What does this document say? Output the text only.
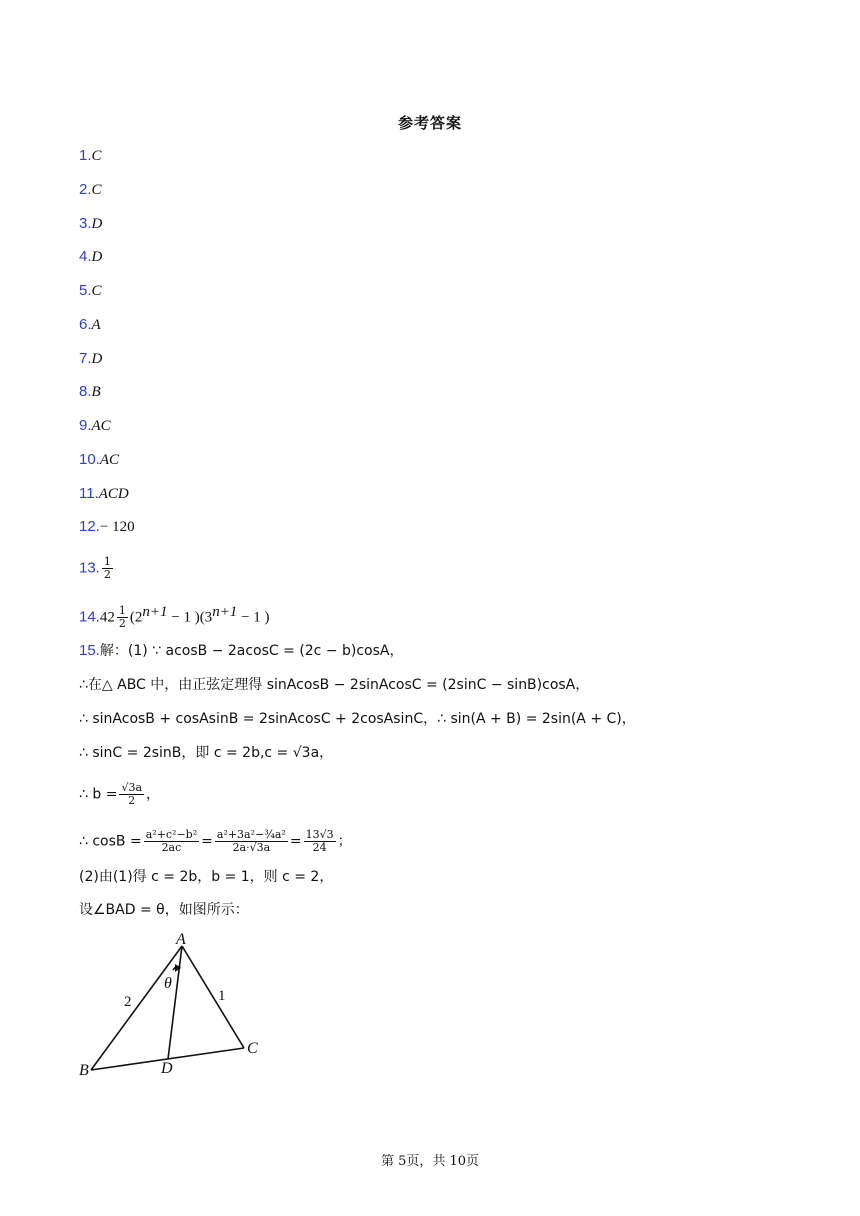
参考答案
1.C
2.C
3.D
4.D
5.C
6.A
7.D
8.B
9.AC
10.AC
11.ACD
12.− 120
13. $\frac{1}{2}$
$14.42 \frac{1}{2} (2^{n+1} - 1$ )($3^{n+1} - 1$ )
15.解：(1) ∵ acosB − 2acosC = (2c − b)cosA，
∴在△ ABC 中，由正弦定理得 sinAcosB − 2sinAcosC = (2sinC − sinB)cosA，
∴ sinAcosB + cosAsinB = 2sinAcosC + 2cosAsinC，∴ sin(A + B) = 2sin(A + C)，
∴ sinC = 2sinB，即 c = 2b,c = √3a，
∴ $b = \frac{√3a}{2}$ ，
∴ $\cos B = \frac{\text{a²+c²−b²}}{2ac} = \frac{\text{a²+3a²−¾a²}}{2a\cdot√3a} = \frac{13√3}{24}$ ；
(2)由(1)得 c = 2b，b = 1，则 c = 2，
设∠BAD = θ，如图所示：
A
B
C
D
θ
2	1
第 5页，共 10页
